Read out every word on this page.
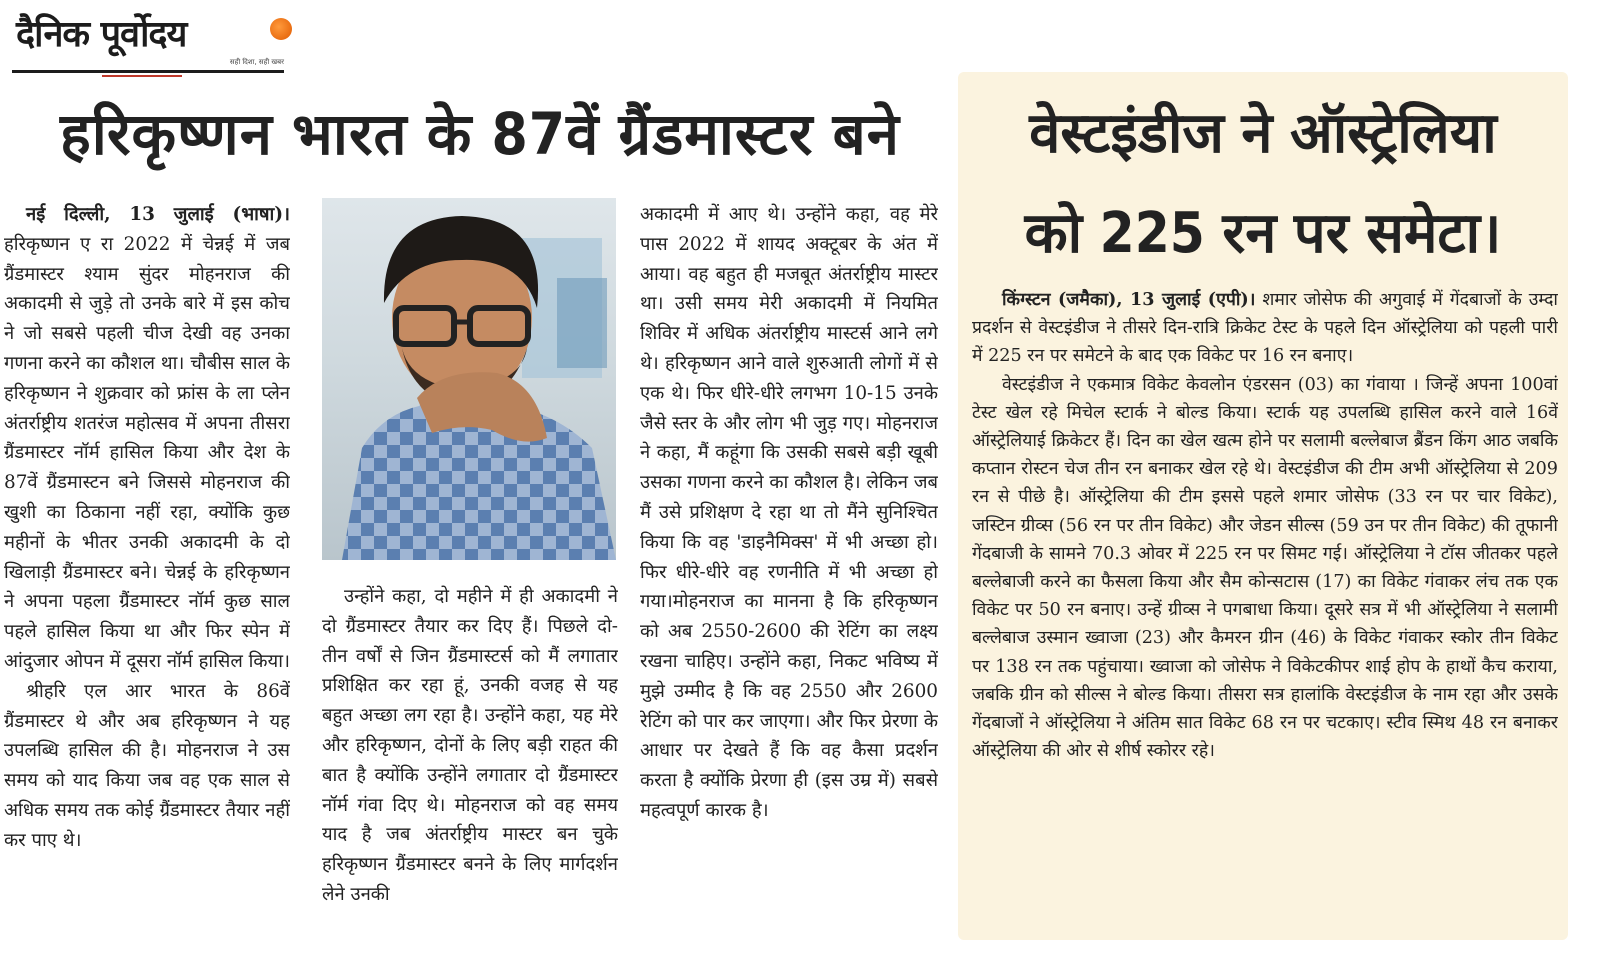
दैनिक पूर्वोदय
सही दिशा, सही खबर
हरिकृष्णन भारत के 87वें ग्रैंडमास्टर बने

नई दिल्ली, 13 जुलाई (भाषा)। हरिकृष्णन ए रा 2022 में चेन्नई में जब ग्रैंडमास्टर श्याम सुंदर मोहनराज की अकादमी से जुड़े तो उनके बारे में इस कोच ने जो सबसे पहली चीज देखी वह उनका गणना करने का कौशल था। चौबीस साल के हरिकृष्णन ने शुक्रवार को फ्रांस के ला प्लेन अंतर्राष्ट्रीय शतरंज महोत्सव में अपना तीसरा ग्रैंडमास्टर नॉर्म हासिल किया और देश के 87वें ग्रैंडमास्टन बने जिससे मोहनराज की खुशी का ठिकाना नहीं रहा, क्योंकि कुछ महीनों के भीतर उनकी अकादमी के दो खिलाड़ी ग्रैंडमास्टर बने। चेन्नई के हरिकृष्णन ने अपना पहला ग्रैंडमास्टर नॉर्म कुछ साल पहले हासिल किया था और फिर स्पेन में आंदुजार ओपन में दूसरा नॉर्म हासिल किया।

श्रीहरि एल आर भारत के 86वें ग्रैंडमास्टर थे और अब हरिकृष्णन ने यह उपलब्धि हासिल की है। मोहनराज ने उस समय को याद किया जब वह एक साल से अधिक समय तक कोई ग्रैंडमास्टर तैयार नहीं कर पाए थे।

उन्होंने कहा, दो महीने में ही अकादमी ने दो ग्रैंडमास्टर तैयार कर दिए हैं। पिछले दो-तीन वर्षों से जिन ग्रैंडमास्टर्स को मैं लगातार प्रशिक्षित कर रहा हूं, उनकी वजह से यह बहुत अच्छा लग रहा है। उन्होंने कहा, यह मेरे और हरिकृष्णन, दोनों के लिए बड़ी राहत की बात है क्योंकि उन्होंने लगातार दो ग्रैंडमास्टर नॉर्म गंवा दिए थे। मोहनराज को वह समय याद है जब अंतर्राष्ट्रीय मास्टर बन चुके हरिकृष्णन ग्रैंडमास्टर बनने के लिए मार्गदर्शन लेने उनकी

अकादमी में आए थे। उन्होंने कहा, वह मेरे पास 2022 में शायद अक्टूबर के अंत में आया। वह बहुत ही मजबूत अंतर्राष्ट्रीय मास्टर था। उसी समय मेरी अकादमी में नियमित शिविर में अधिक अंतर्राष्ट्रीय मास्टर्स आने लगे थे। हरिकृष्णन आने वाले शुरुआती लोगों में से एक थे। फिर धीरे-धीरे लगभग 10-15 उनके जैसे स्तर के और लोग भी जुड़ गए। मोहनराज ने कहा, मैं कहूंगा कि उसकी सबसे बड़ी खूबी उसका गणना करने का कौशल है। लेकिन जब मैं उसे प्रशिक्षण दे रहा था तो मैंने सुनिश्चित किया कि वह 'डाइनैमिक्स' में भी अच्छा हो।फिर धीरे-धीरे वह रणनीति में भी अच्छा हो गया।मोहनराज का मानना है कि हरिकृष्णन को अब 2550-2600 की रेटिंग का लक्ष्य रखना चाहिए। उन्होंने कहा, निकट भविष्य में मुझे उम्मीद है कि वह 2550 और 2600 रेटिंग को पार कर जाएगा। और फिर प्रेरणा के आधार पर देखते हैं कि वह कैसा प्रदर्शन करता है क्योंकि प्रेरणा ही (इस उम्र में) सबसे महत्वपूर्ण कारक है।

वेस्टइंडीज ने ऑस्ट्रेलिया
को 225 रन पर समेटा।

किंग्स्टन (जमैका), 13 जुलाई (एपी)। शमार जोसेफ की अगुवाई में गेंदबाजों के उम्दा प्रदर्शन से वेस्टइंडीज ने तीसरे दिन-रात्रि क्रिकेट टेस्ट के पहले दिन ऑस्ट्रेलिया को पहली पारी में 225 रन पर समेटने के बाद एक विकेट पर 16 रन बनाए।

वेस्टइंडीज ने एकमात्र विकेट केवलोन एंडरसन (03) का गंवाया । जिन्हें अपना 100वां टेस्ट खेल रहे मिचेल स्टार्क ने बोल्ड किया। स्टार्क यह उपलब्धि हासिल करने वाले 16वें ऑस्ट्रेलियाई क्रिकेटर हैं। दिन का खेल खत्म होने पर सलामी बल्लेबाज ब्रैंडन किंग आठ जबकि कप्तान रोस्टन चेज तीन रन बनाकर खेल रहे थे। वेस्टइंडीज की टीम अभी ऑस्ट्रेलिया से 209 रन से पीछे है। ऑस्ट्रेलिया की टीम इससे पहले शमार जोसेफ (33 रन पर चार विकेट), जस्टिन ग्रीव्स (56 रन पर तीन विकेट) और जेडन सील्स (59 उन पर तीन विकेट) की तूफानी गेंदबाजी के सामने 70.3 ओवर में 225 रन पर सिमट गई। ऑस्ट्रेलिया ने टॉस जीतकर पहले बल्लेबाजी करने का फैसला किया और सैम कोन्सटास (17) का विकेट गंवाकर लंच तक एक विकेट पर 50 रन बनाए। उन्हें ग्रीव्स ने पगबाधा किया। दूसरे सत्र में भी ऑस्ट्रेलिया ने सलामी बल्लेबाज उस्मान ख्वाजा (23) और कैमरन ग्रीन (46) के विकेट गंवाकर स्कोर तीन विकेट पर 138 रन तक पहुंचाया। ख्वाजा को जोसेफ ने विकेटकीपर शाई होप के हाथों कैच कराया, जबकि ग्रीन को सील्स ने बोल्ड किया। तीसरा सत्र हालांकि वेस्टइंडीज के नाम रहा और उसके गेंदबाजों ने ऑस्ट्रेलिया ने अंतिम सात विकेट 68 रन पर चटकाए। स्टीव स्मिथ 48 रन बनाकर ऑस्ट्रेलिया की ओर से शीर्ष स्कोरर रहे।
